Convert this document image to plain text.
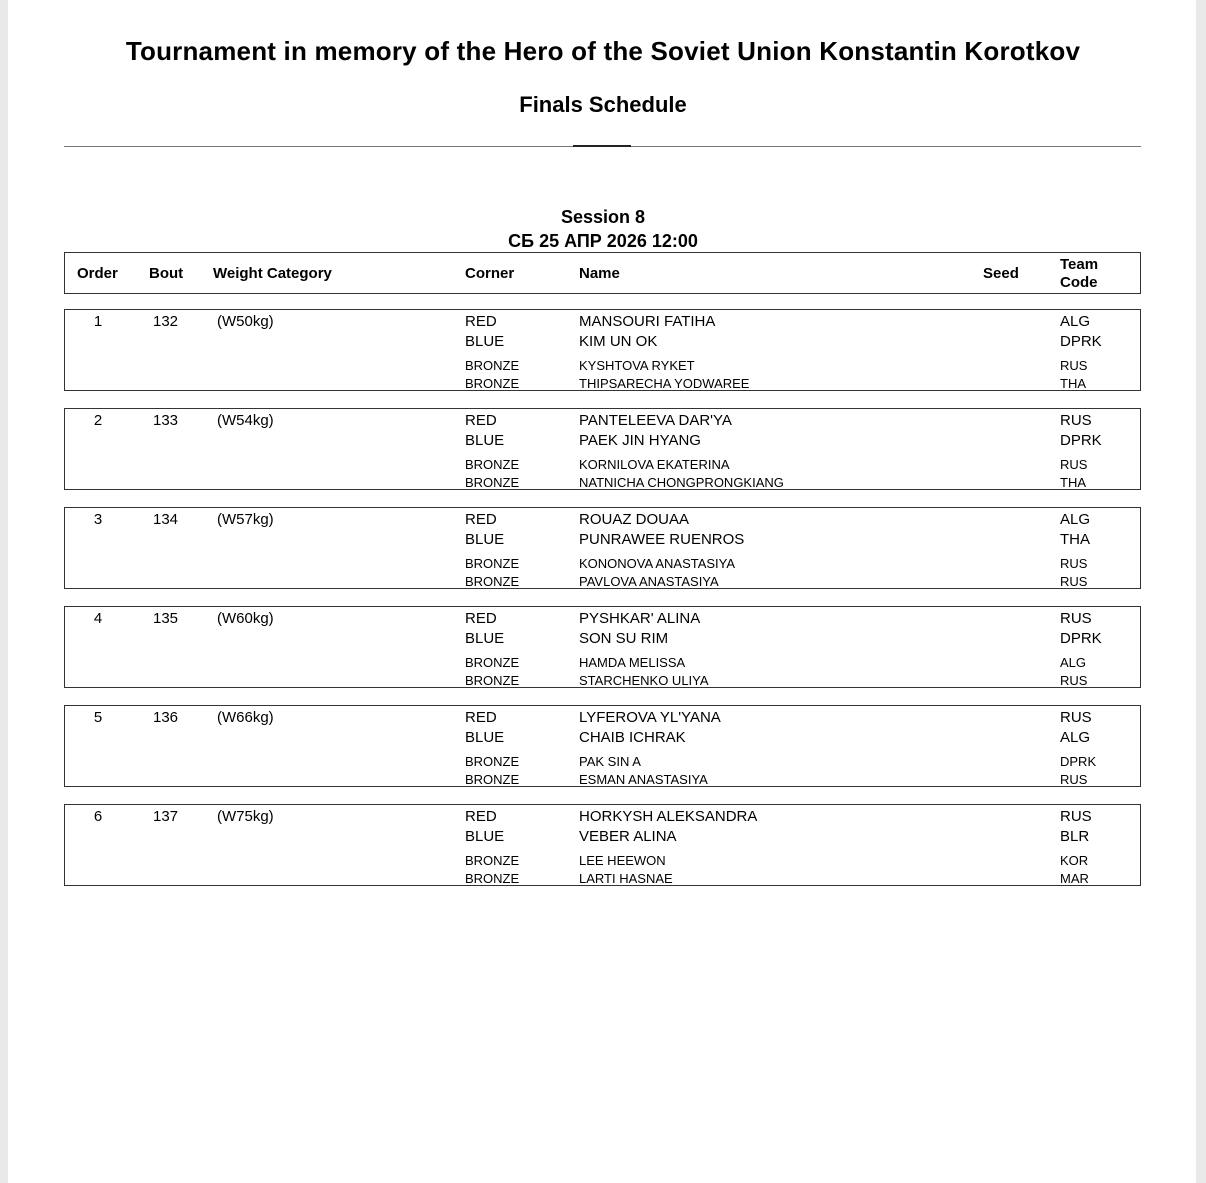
Tournament in memory of the Hero of the Soviet Union Konstantin Korotkov
Finals Schedule
Session 8
СБ 25 АПР 2026 12:00
Order Bout Weight Category	Corner	Name	Seed
Team
Code
1	132	(W50kg)	RED	MANSOURI FATIHA	ALG
BLUE	KIM UN OK	DPRK
BRONZE	KYSHTOVA RYKET	RUS
BRONZE	THIPSARECHA YODWAREE	THA
2	133	(W54kg)	RED	PANTELEEVA DAR'YA	RUS
BLUE	PAEK JIN HYANG	DPRK
BRONZE	KORNILOVA EKATERINA	RUS
BRONZE	NATNICHA CHONGPRONGKIANG	THA
3	134	(W57kg)	RED	ROUAZ DOUAA	ALG
BLUE	PUNRAWEE RUENROS	THA
BRONZE	KONONOVA ANASTASIYA	RUS
BRONZE	PAVLOVA ANASTASIYA	RUS
4	135	(W60kg)	RED	PYSHKAR' ALINA	RUS
BLUE	SON SU RIM	DPRK
BRONZE	HAMDA MELISSA	ALG
BRONZE	STARCHENKO ULIYA	RUS
5	136	(W66kg)	RED	LYFEROVA YL'YANA	RUS
BLUE	CHAIB ICHRAK	ALG
BRONZE	PAK SIN A	DPRK
BRONZE	ESMAN ANASTASIYA	RUS
6	137	(W75kg)	RED	HORKYSH ALEKSANDRA	RUS
BLUE	VEBER ALINA	BLR
BRONZE	LEE HEEWON	KOR
BRONZE	LARTI HASNAE	MAR
